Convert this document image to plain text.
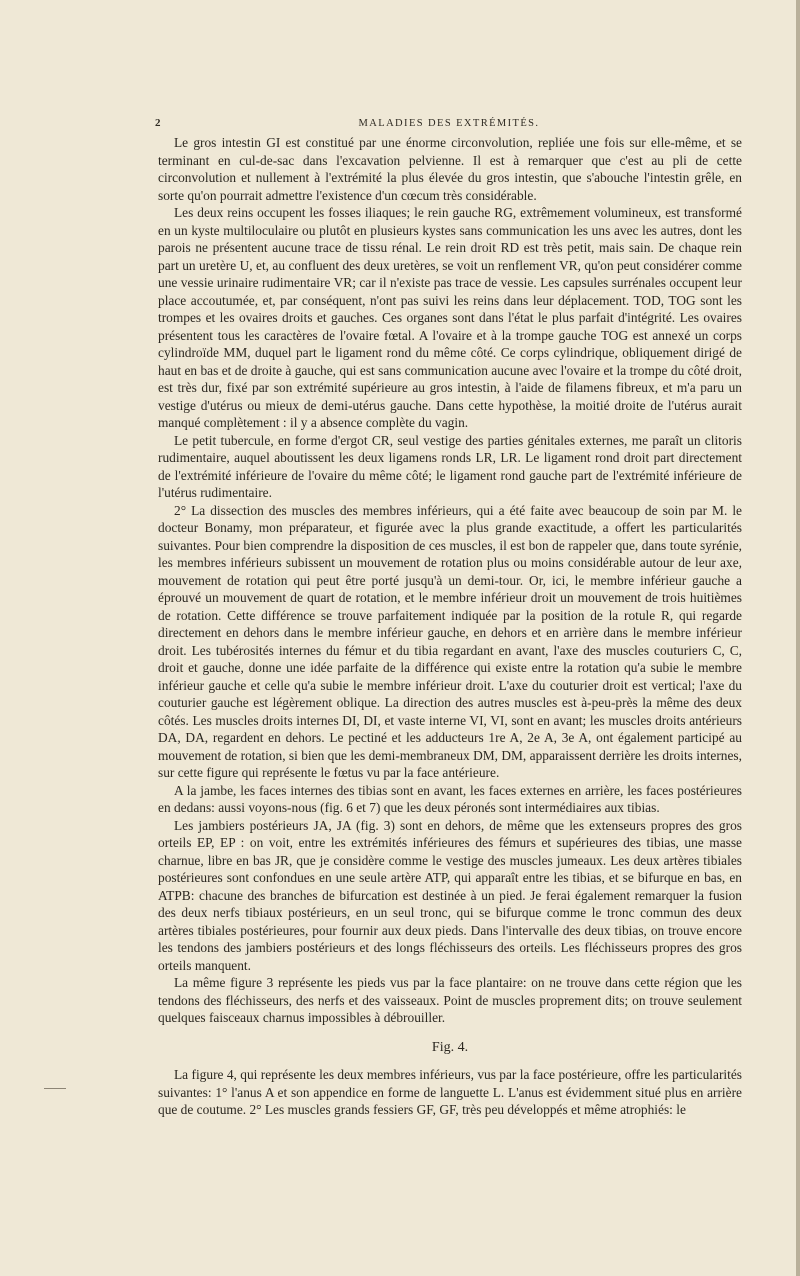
2	MALADIES DES EXTRÉMITÉS.

Le gros intestin GI est constitué par une énorme circonvolution, repliée une fois sur elle-même, et se terminant en cul-de-sac dans l'excavation pelvienne. Il est à remarquer que c'est au pli de cette circonvolution et nullement à l'extrémité la plus élevée du gros intestin, que s'abouche l'intestin grêle, en sorte qu'on pourrait admettre l'existence d'un cœcum très considérable.

Les deux reins occupent les fosses iliaques; le rein gauche RG, extrêmement volumineux, est transformé en un kyste multiloculaire ou plutôt en plusieurs kystes sans communication les uns avec les autres, dont les parois ne présentent aucune trace de tissu rénal. Le rein droit RD est très petit, mais sain. De chaque rein part un uretère U, et, au confluent des deux uretères, se voit un renflement VR, qu'on peut considérer comme une vessie urinaire rudimentaire VR; car il n'existe pas trace de vessie. Les capsules surrénales occupent leur place accoutumée, et, par conséquent, n'ont pas suivi les reins dans leur déplacement. TOD, TOG sont les trompes et les ovaires droits et gauches. Ces organes sont dans l'état le plus parfait d'intégrité. Les ovaires présentent tous les caractères de l'ovaire fœtal. A l'ovaire et à la trompe gauche TOG est annexé un corps cylindroïde MM, duquel part le ligament rond du même côté. Ce corps cylindrique, obliquement dirigé de haut en bas et de droite à gauche, qui est sans communication aucune avec l'ovaire et la trompe du côté droit, est très dur, fixé par son extrémité supérieure au gros intestin, à l'aide de filamens fibreux, et m'a paru un vestige d'utérus ou mieux de demi-utérus gauche. Dans cette hypothèse, la moitié droite de l'utérus aurait manqué complètement : il y a absence complète du vagin.

Le petit tubercule, en forme d'ergot CR, seul vestige des parties génitales externes, me paraît un clitoris rudimentaire, auquel aboutissent les deux ligamens ronds LR, LR. Le ligament rond droit part directement de l'extrémité inférieure de l'ovaire du même côté; le ligament rond gauche part de l'extrémité inférieure de l'utérus rudimentaire.

2° La dissection des muscles des membres inférieurs, qui a été faite avec beaucoup de soin par M. le docteur Bonamy, mon préparateur, et figurée avec la plus grande exactitude, a offert les particularités suivantes. Pour bien comprendre la disposition de ces muscles, il est bon de rappeler que, dans toute syrénie, les membres inférieurs subissent un mouvement de rotation plus ou moins considérable autour de leur axe, mouvement de rotation qui peut être porté jusqu'à un demi-tour. Or, ici, le membre inférieur gauche a éprouvé un mouvement de quart de rotation, et le membre inférieur droit un mouvement de trois huitièmes de rotation. Cette différence se trouve parfaitement indiquée par la position de la rotule R, qui regarde directement en dehors dans le membre inférieur gauche, en dehors et en arrière dans le membre inférieur droit. Les tubérosités internes du fémur et du tibia regardant en avant, l'axe des muscles couturiers C, C, droit et gauche, donne une idée parfaite de la différence qui existe entre la rotation qu'a subie le membre inférieur gauche et celle qu'a subie le membre inférieur droit. L'axe du couturier droit est vertical; l'axe du couturier gauche est légèrement oblique. La direction des autres muscles est à-peu-près la même des deux côtés. Les muscles droits internes DI, DI, et vaste interne VI, VI, sont en avant; les muscles droits antérieurs DA, DA, regardent en dehors. Le pectiné et les adducteurs 1re A, 2e A, 3e A, ont également participé au mouvement de rotation, si bien que les demi-membraneux DM, DM, apparaissent derrière les droits internes, sur cette figure qui représente le fœtus vu par la face antérieure.

A la jambe, les faces internes des tibias sont en avant, les faces externes en arrière, les faces postérieures en dedans: aussi voyons-nous (fig. 6 et 7) que les deux péronés sont intermédiaires aux tibias.

Les jambiers postérieurs JA, JA (fig. 3) sont en dehors, de même que les extenseurs propres des gros orteils EP, EP : on voit, entre les extrémités inférieures des fémurs et supérieures des tibias, une masse charnue, libre en bas JR, que je considère comme le vestige des muscles jumeaux. Les deux artères tibiales postérieures sont confondues en une seule artère ATP, qui apparaît entre les tibias, et se bifurque en bas, en ATPB: chacune des branches de bifurcation est destinée à un pied. Je ferai également remarquer la fusion des deux nerfs tibiaux postérieurs, en un seul tronc, qui se bifurque comme le tronc commun des deux artères tibiales postérieures, pour fournir aux deux pieds. Dans l'intervalle des deux tibias, on trouve encore les tendons des jambiers postérieurs et des longs fléchisseurs des orteils. Les fléchisseurs propres des gros orteils manquent.

La même figure 3 représente les pieds vus par la face plantaire: on ne trouve dans cette région que les tendons des fléchisseurs, des nerfs et des vaisseaux. Point de muscles proprement dits; on trouve seulement quelques faisceaux charnus impossibles à débrouiller.

Fig. 4.

La figure 4, qui représente les deux membres inférieurs, vus par la face postérieure, offre les particularités suivantes: 1° l'anus A et son appendice en forme de languette L. L'anus est évidemment situé plus en arrière que de coutume. 2° Les muscles grands fessiers GF, GF, très peu développés et même atrophiés: le
